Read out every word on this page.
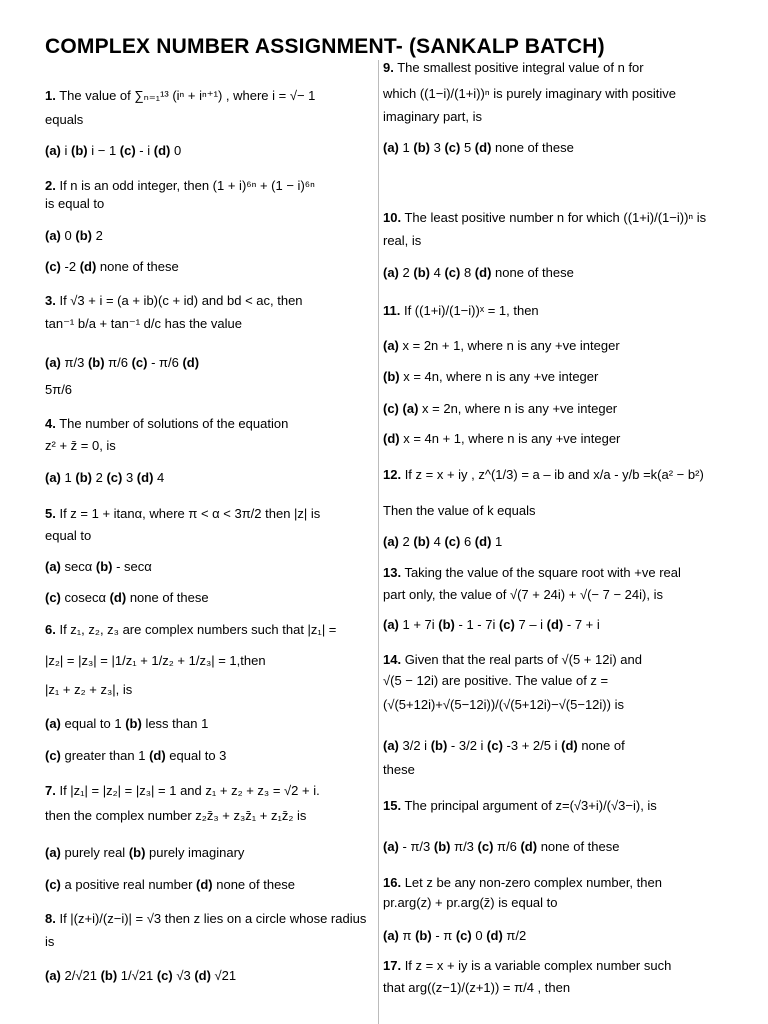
COMPLEX NUMBER ASSIGNMENT- (SANKALP BATCH)
1. The value of ∑ₙ₌₁¹³ (iⁿ + iⁿ⁺¹) , where i = √− 1
equals
(a) i (b) i − 1 (c) - i (d) 0
2. If n is an odd integer, then (1 + i)⁶ⁿ + (1 − i)⁶ⁿ
is equal to
(a) 0 (b) 2
(c) -2 (d) none of these
3. If √3 + i = (a + ib)(c + id) and bd < ac, then
tan⁻¹ b/a + tan⁻¹ d/c has the value
(a) π/3 (b) π/6 (c) - π/6 (d)
5π/6
4. The number of solutions of the equation
z² + z̄ = 0, is
(a) 1 (b) 2 (c) 3 (d) 4
5. If z = 1 + itanα, where π < α < 3π/2 then |z| is
equal to
(a) secα (b) - secα
(c) cosecα (d) none of these
6. If z₁, z₂, z₃ are complex numbers such that |z₁| =
|z₂| = |z₃| = |1/z₁ + 1/z₂ + 1/z₃| = 1,then
|z₁ + z₂ + z₃|, is
(a) equal to 1 (b) less than 1
(c) greater than 1 (d) equal to 3
7. If |z₁| = |z₂| = |z₃| = 1 and z₁ + z₂ + z₃ = √2 + i.
then the complex number z₂z̄₃ + z₃z̄₁ + z₁z̄₂ is
(a) purely real (b) purely imaginary
(c) a positive real number (d) none of these
8. If |(z+i)/(z−i)| = √3 then z lies on a circle whose radius
is
(a) 2/√21 (b) 1/√21 (c) √3 (d) √21
9. The smallest positive integral value of n for
which ((1−i)/(1+i))ⁿ is purely imaginary with positive
imaginary part, is
(a) 1 (b) 3 (c) 5 (d) none of these
10. The least positive number n for which ((1+i)/(1−i))ⁿ is
real, is
(a) 2 (b) 4 (c) 8 (d) none of these
11. If ((1+i)/(1−i))ˣ = 1, then
(a) x = 2n + 1, where n is any +ve integer
(b) x = 4n, where n is any +ve integer
(c) (a) x = 2n, where n is any +ve integer
(d) x = 4n + 1, where n is any +ve integer
12. If z = x + iy , z^(1/3) = a – ib and x/a - y/b =k(a² − b²)
Then the value of k equals
(a) 2 (b) 4 (c) 6 (d) 1
13. Taking the value of the square root with +ve real
part only, the value of √(7 + 24i) + √(− 7 − 24i), is
(a) 1 + 7i (b) - 1 - 7i (c) 7 – i (d) - 7 + i
14. Given that the real parts of √(5 + 12i) and
√(5 − 12i) are positive. The value of z =
(√(5+12i)+√(5−12i))/(√(5+12i)−√(5−12i)) is
(a) 3/2 i (b) - 3/2 i (c) -3 + 2/5 i (d) none of
these
15. The principal argument of z=(√3+i)/(√3−i), is
(a) - π/3 (b) π/3 (c) π/6 (d) none of these
16. Let z be any non-zero complex number, then
pr.arg(z) + pr.arg(z̄) is equal to
(a) π (b) - π (c) 0 (d) π/2
17. If z = x + iy is a variable complex number such
that arg((z−1)/(z+1)) = π/4 , then
